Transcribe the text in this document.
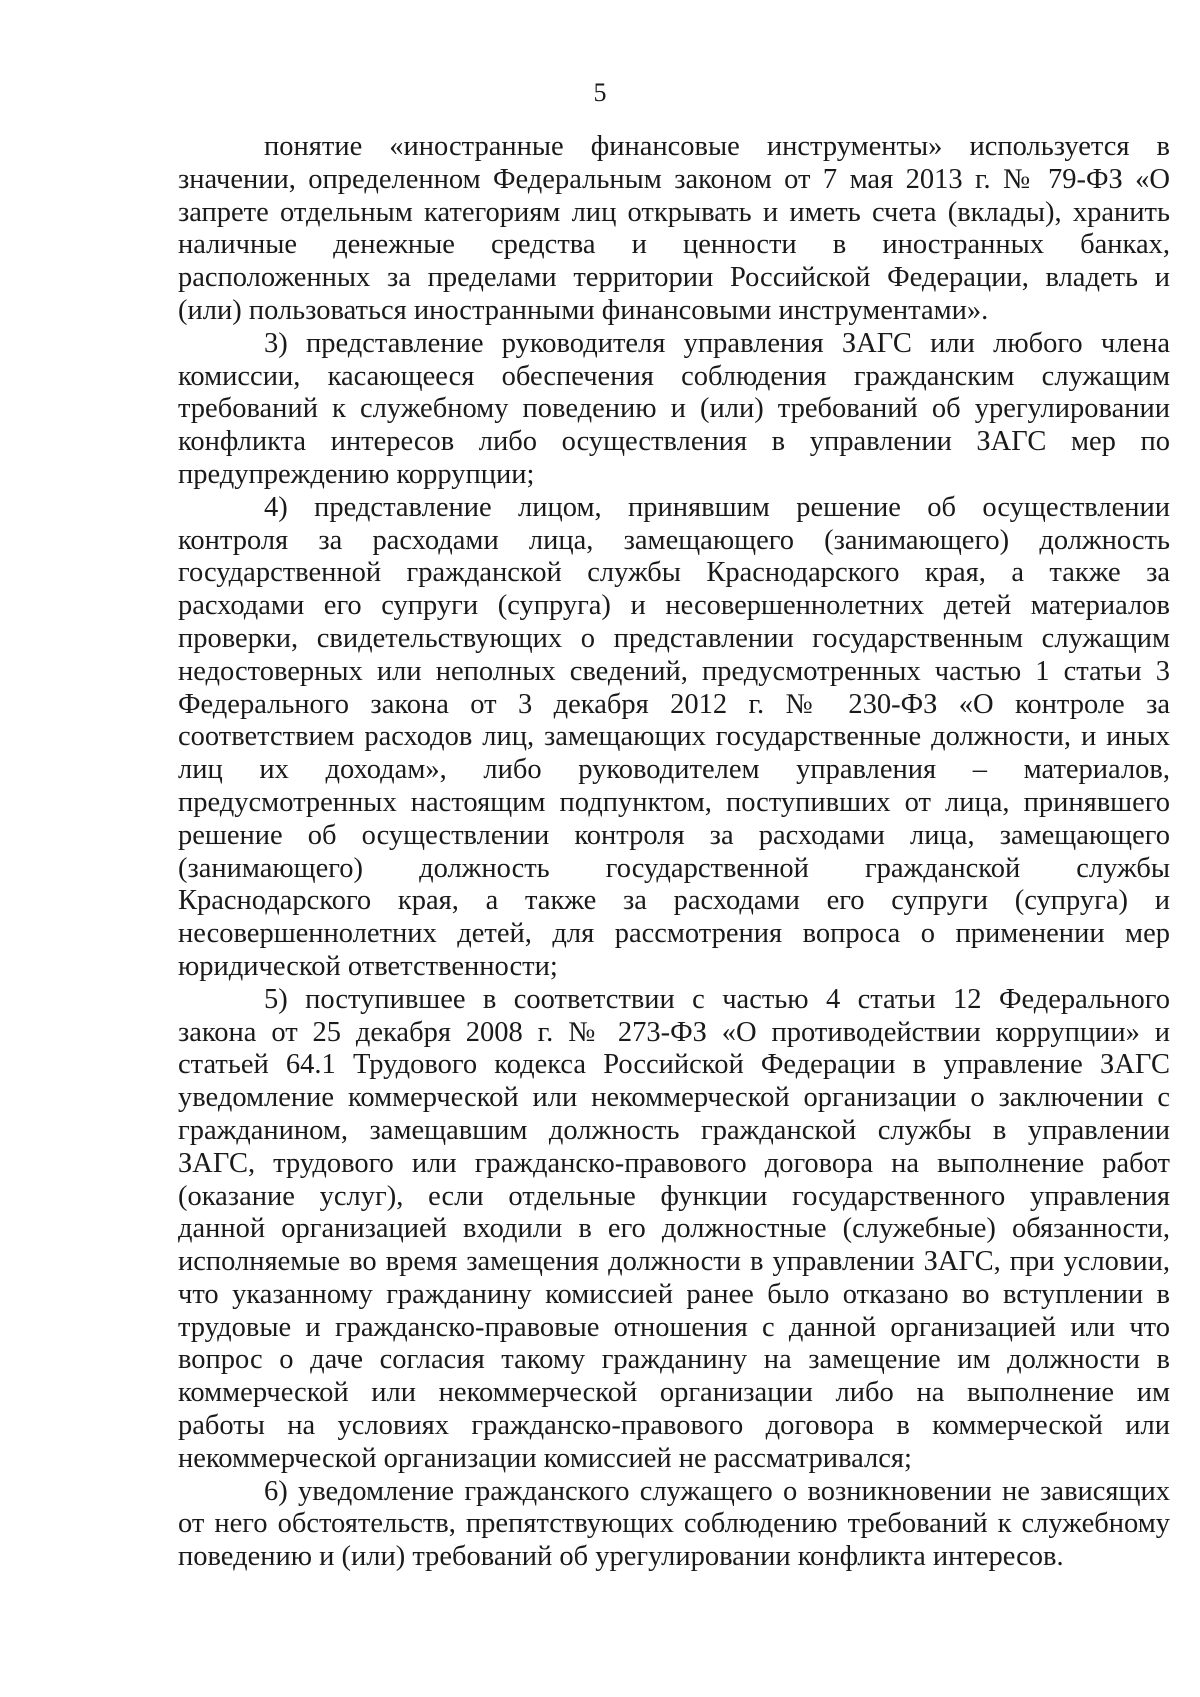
5
понятие «иностранные финансовые инструменты» используется в
значении, определенном Федеральным законом от 7 мая 2013 г. № 79-ФЗ «О
запрете отдельным категориям лиц открывать и иметь счета (вклады), хранить
наличные денежные средства и ценности в иностранных банках,
расположенных за пределами территории Российской Федерации, владеть и
(или) пользоваться иностранными финансовыми инструментами».
3) представление руководителя управления ЗАГС или любого члена
комиссии, касающееся обеспечения соблюдения гражданским служащим
требований к служебному поведению и (или) требований об урегулировании
конфликта интересов либо осуществления в управлении ЗАГС мер по
предупреждению коррупции;
4) представление лицом, принявшим решение об осуществлении
контроля за расходами лица, замещающего (занимающего) должность
государственной гражданской службы Краснодарского края, а также за
расходами его супруги (супруга) и несовершеннолетних детей материалов
проверки, свидетельствующих о представлении государственным служащим
недостоверных или неполных сведений, предусмотренных частью 1 статьи 3
Федерального закона от 3 декабря 2012 г. № 230-ФЗ «О контроле за
соответствием расходов лиц, замещающих государственные должности, и иных
лиц их доходам», либо руководителем управления – материалов,
предусмотренных настоящим подпунктом, поступивших от лица, принявшего
решение об осуществлении контроля за расходами лица, замещающего
(занимающего) должность государственной гражданской службы
Краснодарского края, а также за расходами его супруги (супруга) и
несовершеннолетних детей, для рассмотрения вопроса о применении мер
юридической ответственности;
5) поступившее в соответствии с частью 4 статьи 12 Федерального
закона от 25 декабря 2008 г. № 273-ФЗ «О противодействии коррупции» и
статьей 64.1 Трудового кодекса Российской Федерации в управление ЗАГС
уведомление коммерческой или некоммерческой организации о заключении с
гражданином, замещавшим должность гражданской службы в управлении
ЗАГС, трудового или гражданско-правового договора на выполнение работ
(оказание услуг), если отдельные функции государственного управления
данной организацией входили в его должностные (служебные) обязанности,
исполняемые во время замещения должности в управлении ЗАГС, при условии,
что указанному гражданину комиссией ранее было отказано во вступлении в
трудовые и гражданско-правовые отношения с данной организацией или что
вопрос о даче согласия такому гражданину на замещение им должности в
коммерческой или некоммерческой организации либо на выполнение им
работы на условиях гражданско-правового договора в коммерческой или
некоммерческой организации комиссией не рассматривался;
6) уведомление гражданского служащего о возникновении не зависящих
от него обстоятельств, препятствующих соблюдению требований к служебному
поведению и (или) требований об урегулировании конфликта интересов.
